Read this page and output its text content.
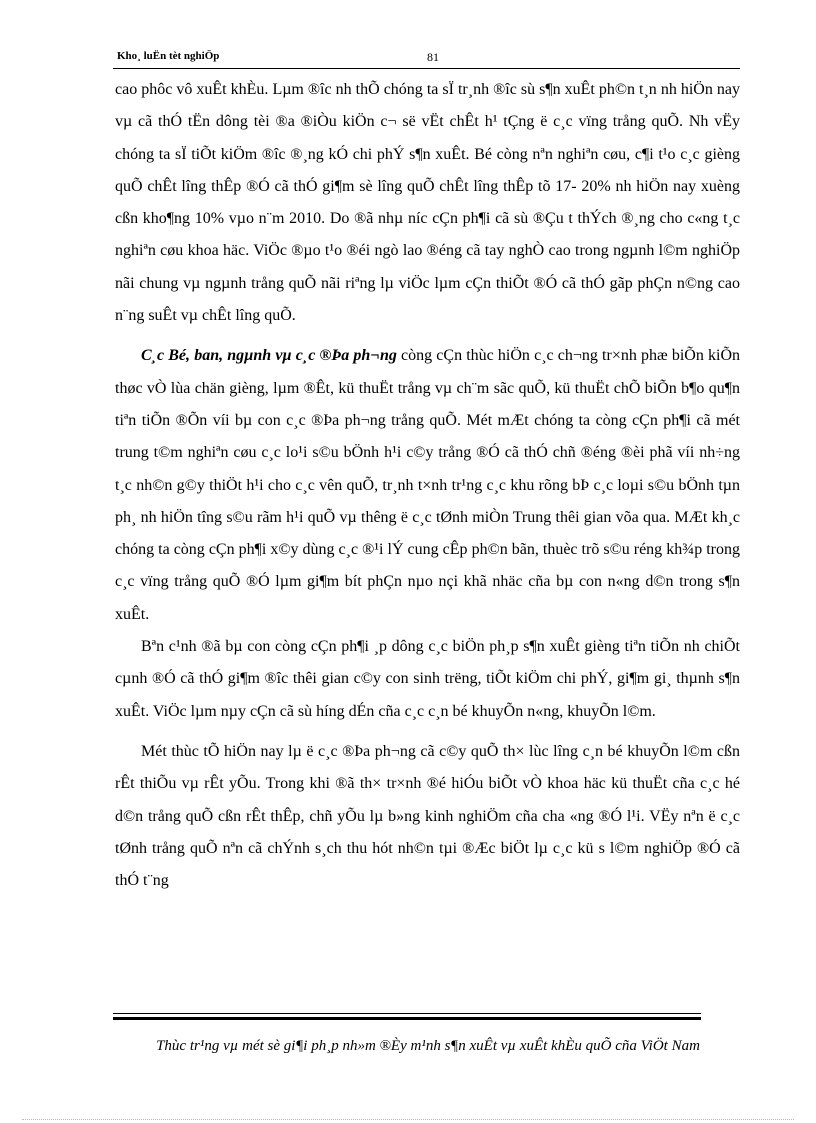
Kho¸ luËn tèt nghiÖp	81

cao phôc vô xuÊt khÈu. Lµm ®îc nh thÕ chóng ta sÏ tr¸nh ®îc sù s¶n xuÊt ph©n t¸n nh hiÖn nay vµ cã thÓ tËn dông tèi ®a ®iÒu kiÖn c¬ së vËt chÊt h¹ tÇng ë c¸c vïng trång quÕ. Nh vËy chóng ta sÏ tiÕt kiÖm ®îc ®¸ng kÓ chi phÝ s¶n xuÊt. Bé còng nªn nghiªn cøu, c¶i t¹o c¸c gièng quÕ chÊt lîng thÊp ®Ó cã thÓ gi¶m sè lîng quÕ chÊt lîng thÊp tõ 17- 20% nh hiÖn nay xuèng cßn kho¶ng 10% vµo n¨m 2010. Do ®ã nhµ níc cÇn ph¶i cã sù ®Çu t thÝch ®¸ng cho c«ng t¸c nghiªn cøu khoa häc. ViÖc ®µo t¹o ®éi ngò lao ®éng cã tay nghÒ cao trong ngµnh l©m nghiÖp nãi chung vµ ngµnh trång quÕ nãi riªng lµ viÖc lµm cÇn thiÕt ®Ó cã thÓ gãp phÇn n©ng cao n¨ng suÊt vµ chÊt lîng quÕ.

C¸c Bé, ban, ngµnh vµ c¸c ®Þa ph¬ng còng cÇn thùc hiÖn c¸c ch¬ng tr×nh phæ biÕn kiÕn thøc vÒ lùa chän gièng, lµm ®Êt, kü thuËt trång vµ ch¨m sãc quÕ, kü thuËt chÕ biÕn b¶o qu¶n tiªn tiÕn ®Õn víi bµ con c¸c ®Þa ph¬ng trång quÕ. Mét mÆt chóng ta còng cÇn ph¶i cã mét trung t©m nghiªn cøu c¸c lo¹i s©u bÖnh h¹i c©y trång ®Ó cã thÓ chñ ®éng ®èi phã víi nh÷ng t¸c nh©n g©y thiÖt h¹i cho c¸c vên quÕ, tr¸nh t×nh tr¹ng c¸c khu rõng bÞ c¸c loµi s©u bÖnh tµn ph¸ nh hiÖn tîng s©u rãm h¹i quÕ vµ thêng ë c¸c tØnh miÒn Trung thêi gian võa qua. MÆt kh¸c chóng ta còng cÇn ph¶i x©y dùng c¸c ®¹i lÝ cung cÊp ph©n bãn, thuèc trõ s©u réng kh¾p trong c¸c vïng trång quÕ ®Ó lµm gi¶m bít phÇn nµo nçi khã nhäc cña bµ con n«ng d©n trong s¶n xuÊt.

Bªn c¹nh ®ã bµ con còng cÇn ph¶i ¸p dông c¸c biÖn ph¸p s¶n xuÊt gièng tiªn tiÕn nh chiÕt cµnh ®Ó cã thÓ gi¶m ®îc thêi gian c©y con sinh trëng, tiÕt kiÖm chi phÝ, gi¶m gi¸ thµnh s¶n xuÊt. ViÖc lµm nµy cÇn cã sù híng dÉn cña c¸c c¸n bé khuyÕn n«ng, khuyÕn l©m.

Mét thùc tÕ hiÖn nay lµ ë c¸c ®Þa ph¬ng cã c©y quÕ th× lùc lîng c¸n bé khuyÕn l©m cßn rÊt thiÕu vµ rÊt yÕu. Trong khi ®ã th× tr×nh ®é hiÓu biÕt vÒ khoa häc kü thuËt cña c¸c hé d©n trång quÕ cßn rÊt thÊp, chñ yÕu lµ b»ng kinh nghiÖm cña cha «ng ®Ó l¹i. VËy nªn ë c¸c tØnh trång quÕ nªn cã chÝnh s¸ch thu hót nh©n tµi ®Æc biÖt lµ c¸c kü s l©m nghiÖp ®Ó cã thÓ t¨ng

Thùc tr¹ng vµ mét sè gi¶i ph¸p nh»m ®Èy m¹nh s¶n xuÊt vµ xuÊt khÈu quÕ cña ViÖt Nam
